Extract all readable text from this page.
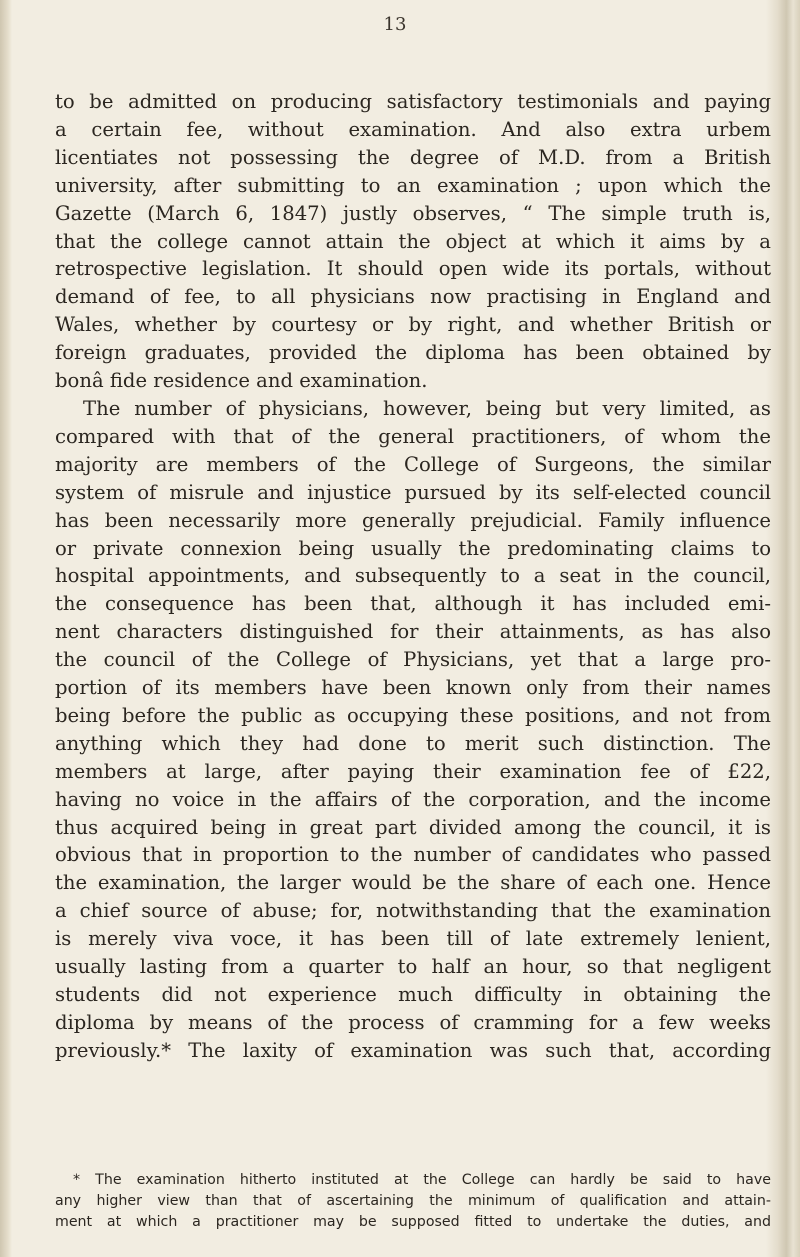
13
to be admitted on producing satisfactory testimonials and paying
a certain fee, without examination. And also extra urbem
licentiates not possessing the degree of M.D. from a British
university, after submitting to an examination ; upon which the
Gazette (March 6, 1847) justly observes, “ The simple truth is,
that the college cannot attain the object at which it aims by a
retrospective legislation. It should open wide its portals, without
demand of fee, to all physicians now practising in England and
Wales, whether by courtesy or by right, and whether British or
foreign graduates, provided the diploma has been obtained by
bonâ fide residence and examination.
The number of physicians, however, being but very limited, as
compared with that of the general practitioners, of whom the
majority are members of the College of Surgeons, the similar
system of misrule and injustice pursued by its self-elected council
has been necessarily more generally prejudicial. Family influence
or private connexion being usually the predominating claims to
hospital appointments, and subsequently to a seat in the council,
the consequence has been that, although it has included emi-
nent characters distinguished for their attainments, as has also
the council of the College of Physicians, yet that a large pro-
portion of its members have been known only from their names
being before the public as occupying these positions, and not from
anything which they had done to merit such distinction. The
members at large, after paying their examination fee of £22,
having no voice in the affairs of the corporation, and the income
thus acquired being in great part divided among the council, it is
obvious that in proportion to the number of candidates who passed
the examination, the larger would be the share of each one. Hence
a chief source of abuse; for, notwithstanding that the examination
is merely viva voce, it has been till of late extremely lenient,
usually lasting from a quarter to half an hour, so that negligent
students did not experience much difficulty in obtaining the
diploma by means of the process of cramming for a few weeks
previously.* The laxity of examination was such that, according
* The examination hitherto instituted at the College can hardly be said to have
any higher view than that of ascertaining the minimum of qualification and attain-
ment at which a practitioner may be supposed fitted to undertake the duties, and
